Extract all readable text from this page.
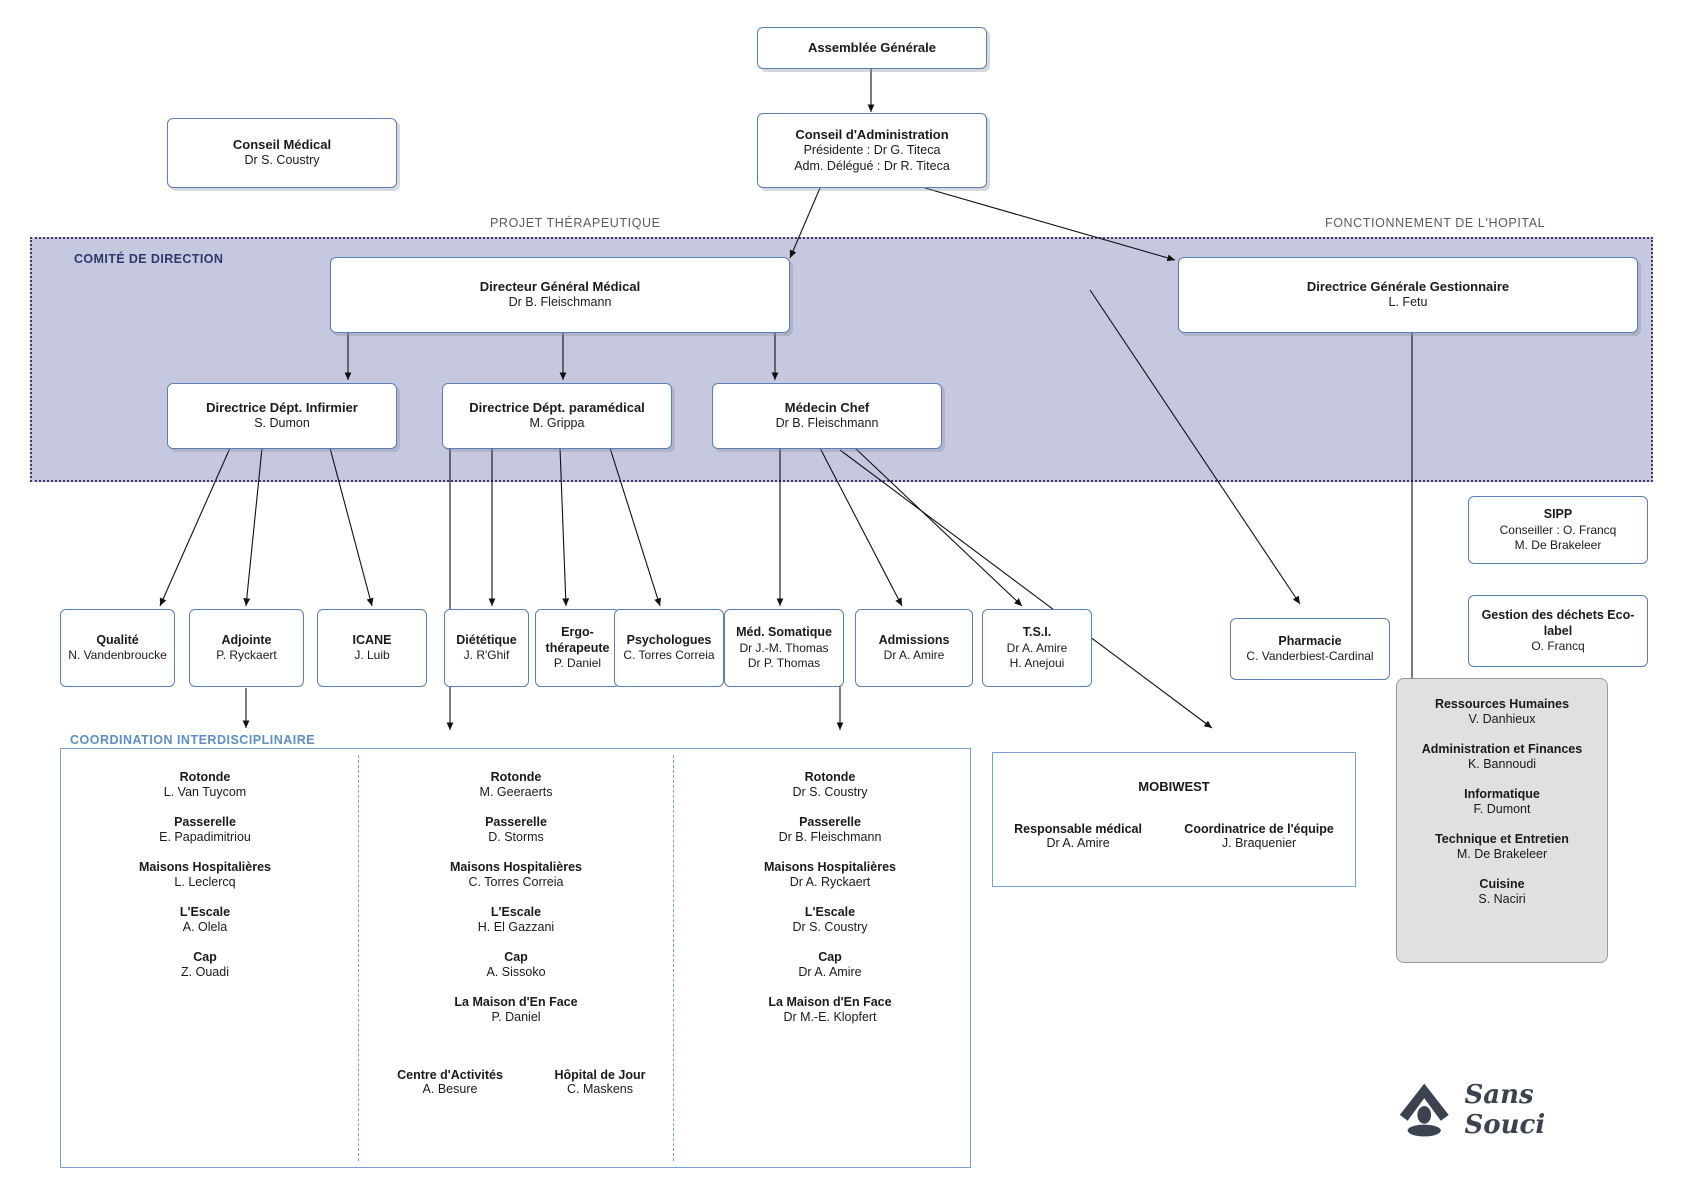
COMITÉ DE DIRECTION
PROJET THÉRAPEUTIQUE	FONCTIONNEMENT DE L'HOPITAL
Assemblée Générale
Conseil Médical
Dr S. Coustry
Conseil d'Administration
Présidente : Dr G. Titeca
Adm. Délégué : Dr R. Titeca
Directeur Général Médical
Dr B. Fleischmann
Directrice Générale Gestionnaire
L. Fetu
Directrice Dépt. Infirmier
S. Dumon
Directrice Dépt. paramédical
M. Grippa
Médecin Chef
Dr B. Fleischmann
SIPP
Conseiller : O. Francq
M. De Brakeleer
Gestion des déchets Eco-label
O. Francq
Qualité
N. Vandenbroucke
Adjointe
P. Ryckaert
ICANE
J. Luib
Diététique
J. R'Ghif
Ergo-thérapeute
P. Daniel
Psychologues
C. Torres Correia
Méd. Somatique
Dr J.-M. Thomas
Dr P. Thomas
Admissions
Dr A. Amire
T.S.I.
Dr A. Amire
H. Anejoui
Pharmacie
C. Vanderbiest-Cardinal
COORDINATION INTERDISCIPLINAIRE
Rotonde
L. Van Tuycom
Passerelle
E. Papadimitriou
Maisons Hospitalières
L. Leclercq
L'Escale
A. Olela
Cap
Z. Ouadi
Rotonde
M. Geeraerts
Passerelle
D. Storms
Maisons Hospitalières
C. Torres Correia
L'Escale
H. El Gazzani
Cap
A. Sissoko
La Maison d'En Face
P. Daniel
Rotonde
Dr S. Coustry
Passerelle
Dr B. Fleischmann
Maisons Hospitalières
Dr A. Ryckaert
L'Escale
Dr S. Coustry
Cap
Dr A. Amire
La Maison d'En Face
Dr M.-E. Klopfert
Centre d'Activités
A. Besure
Hôpital de Jour
C. Maskens
MOBIWEST
Responsable médical
Dr A. Amire
Coordinatrice de l'équipe
J. Braquenier
Ressources Humaines
V. Danhieux
Administration et Finances
K. Bannoudi
Informatique
F. Dumont
Technique et Entretien
M. De Brakeleer
Cuisine
S. Naciri
Sans Souci
